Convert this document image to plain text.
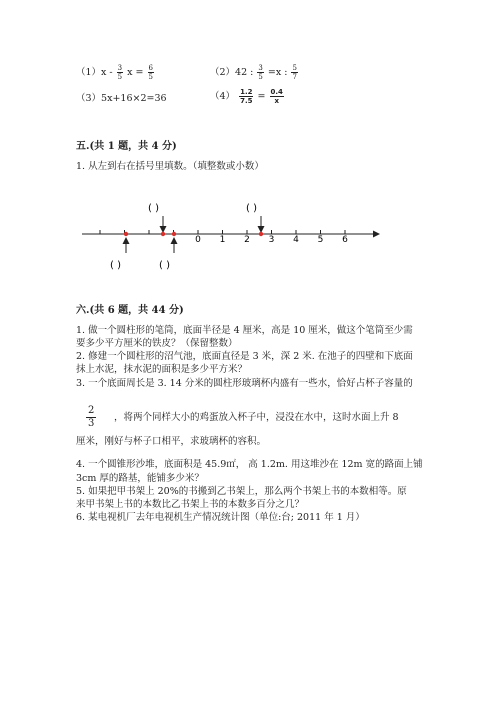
$(1)x - \frac{3}{5}$ $x = \frac{6}{5}$	（2）42 : $\frac{3}{5} =x$ : $\frac{5}{7}$
（3）5x+16×2=36	$(4) \frac{1.2}{7.5} = \frac{0.4}{x}$
五.(共 1 题，共 4 分)
1. 从左到右在括号里填数。（填整数或小数）
( )	( )
0 1 2 3 4 5 6
( )	( )
六.(共 6 题，共 44 分)
1. 做一个圆柱形的笔筒，底面半径是 4 厘米，高是 10 厘米，做这个笔筒至少需
要多少平方厘米的铁皮？（保留整数）
2. 修建一个圆柱形的沼气池，底面直径是 3 米，深 2 米. 在池子的四壁和下底面
抹上水泥，抹水泥的面积是多少平方米？
3. 一个底面周长是 3. 14 分米的圆柱形玻璃杯内盛有一些水，恰好占杯子容量的
$\frac{2}{3}$ ，将两个同样大小的鸡蛋放入杯子中，浸没在水中，这时水面上升 8
厘米，刚好与杯子口相平，求玻璃杯的容积。
4. 一个圆锥形沙堆，底面积是 45.9㎡， 高 1.2m. 用这堆沙在 12m 宽的路面上铺
3cm 厚的路基，能铺多少米？
5. 如果把甲书架上 20%的书搬到乙书架上，那么两个书架上书的本数相等。原
来甲书架上书的本数比乙书架上书的本数多百分之几？
6. 某电视机厂去年电视机生产情况统计图（单位:台; 2011 年 1 月）
